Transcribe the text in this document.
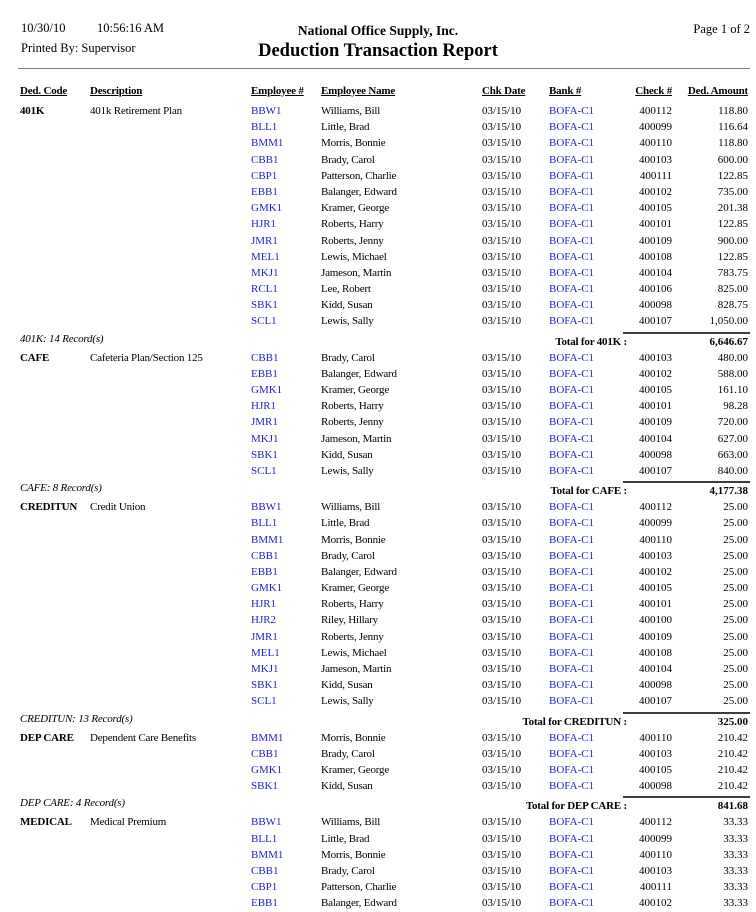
10/30/10	10:56:16 AM
Printed By: Supervisor
National Office Supply, Inc.
Deduction Transaction Report
Page 1 of 2
Ded. Code Description	Employee # Employee Name	Chk Date Bank #	Check #	Ded. Amount
401K	401k Retirement Plan	BBW1	Williams, Bill	03/15/10	BOFA-C1	400112	118.80
BLL1	Little, Brad	03/15/10	BOFA-C1	400099	116.64
BMM1	Morris, Bonnie	03/15/10	BOFA-C1	400110	118.80
CBB1	Brady, Carol	03/15/10	BOFA-C1	400103	600.00
CBP1	Patterson, Charlie	03/15/10	BOFA-C1	400111	122.85
EBB1	Balanger, Edward	03/15/10	BOFA-C1	400102	735.00
GMK1	Kramer, George	03/15/10	BOFA-C1	400105	201.38
HJR1	Roberts, Harry	03/15/10	BOFA-C1	400101	122.85
JMR1	Roberts, Jenny	03/15/10	BOFA-C1	400109	900.00
MEL1	Lewis, Michael	03/15/10	BOFA-C1	400108	122.85
MKJ1	Jameson, Martin	03/15/10	BOFA-C1	400104	783.75
RCL1	Lee, Robert	03/15/10	BOFA-C1	400106	825.00
SBK1	Kidd, Susan	03/15/10	BOFA-C1	400098	828.75
SCL1	Lewis, Sally	03/15/10	BOFA-C1	400107	1,050.00
401K: 14 Record(s)	Total for 401K :	6,646.67
CAFE	Cafeteria Plan/Section 125	CBB1	Brady, Carol	03/15/10	BOFA-C1	400103	480.00
EBB1	Balanger, Edward	03/15/10	BOFA-C1	400102	588.00
GMK1	Kramer, George	03/15/10	BOFA-C1	400105	161.10
HJR1	Roberts, Harry	03/15/10	BOFA-C1	400101	98.28
JMR1	Roberts, Jenny	03/15/10	BOFA-C1	400109	720.00
MKJ1	Jameson, Martin	03/15/10	BOFA-C1	400104	627.00
SBK1	Kidd, Susan	03/15/10	BOFA-C1	400098	663.00
SCL1	Lewis, Sally	03/15/10	BOFA-C1	400107	840.00
CAFE: 8 Record(s)	Total for CAFE :	4,177.38
CREDITUN Credit Union	BBW1	Williams, Bill	03/15/10	BOFA-C1	400112	25.00
BLL1	Little, Brad	03/15/10	BOFA-C1	400099	25.00
BMM1	Morris, Bonnie	03/15/10	BOFA-C1	400110	25.00
CBB1	Brady, Carol	03/15/10	BOFA-C1	400103	25.00
EBB1	Balanger, Edward	03/15/10	BOFA-C1	400102	25.00
GMK1	Kramer, George	03/15/10	BOFA-C1	400105	25.00
HJR1	Roberts, Harry	03/15/10	BOFA-C1	400101	25.00
HJR2	Riley, Hillary	03/15/10	BOFA-C1	400100	25.00
JMR1	Roberts, Jenny	03/15/10	BOFA-C1	400109	25.00
MEL1	Lewis, Michael	03/15/10	BOFA-C1	400108	25.00
MKJ1	Jameson, Martin	03/15/10	BOFA-C1	400104	25.00
SBK1	Kidd, Susan	03/15/10	BOFA-C1	400098	25.00
SCL1	Lewis, Sally	03/15/10	BOFA-C1	400107	25.00
CREDITUN: 13 Record(s)	Total for CREDITUN :	325.00
DEP CARE Dependent Care Benefits	BMM1	Morris, Bonnie	03/15/10	BOFA-C1	400110	210.42
CBB1	Brady, Carol	03/15/10	BOFA-C1	400103	210.42
GMK1	Kramer, George	03/15/10	BOFA-C1	400105	210.42
SBK1	Kidd, Susan	03/15/10	BOFA-C1	400098	210.42
DEP CARE: 4 Record(s)	Total for DEP CARE :	841.68
MEDICAL Medical Premium	BBW1	Williams, Bill	03/15/10	BOFA-C1	400112	33.33
BLL1	Little, Brad	03/15/10	BOFA-C1	400099	33.33
BMM1	Morris, Bonnie	03/15/10	BOFA-C1	400110	33.33
CBB1	Brady, Carol	03/15/10	BOFA-C1	400103	33.33
CBP1	Patterson, Charlie	03/15/10	BOFA-C1	400111	33.33
EBB1	Balanger, Edward	03/15/10	BOFA-C1	400102	33.33
